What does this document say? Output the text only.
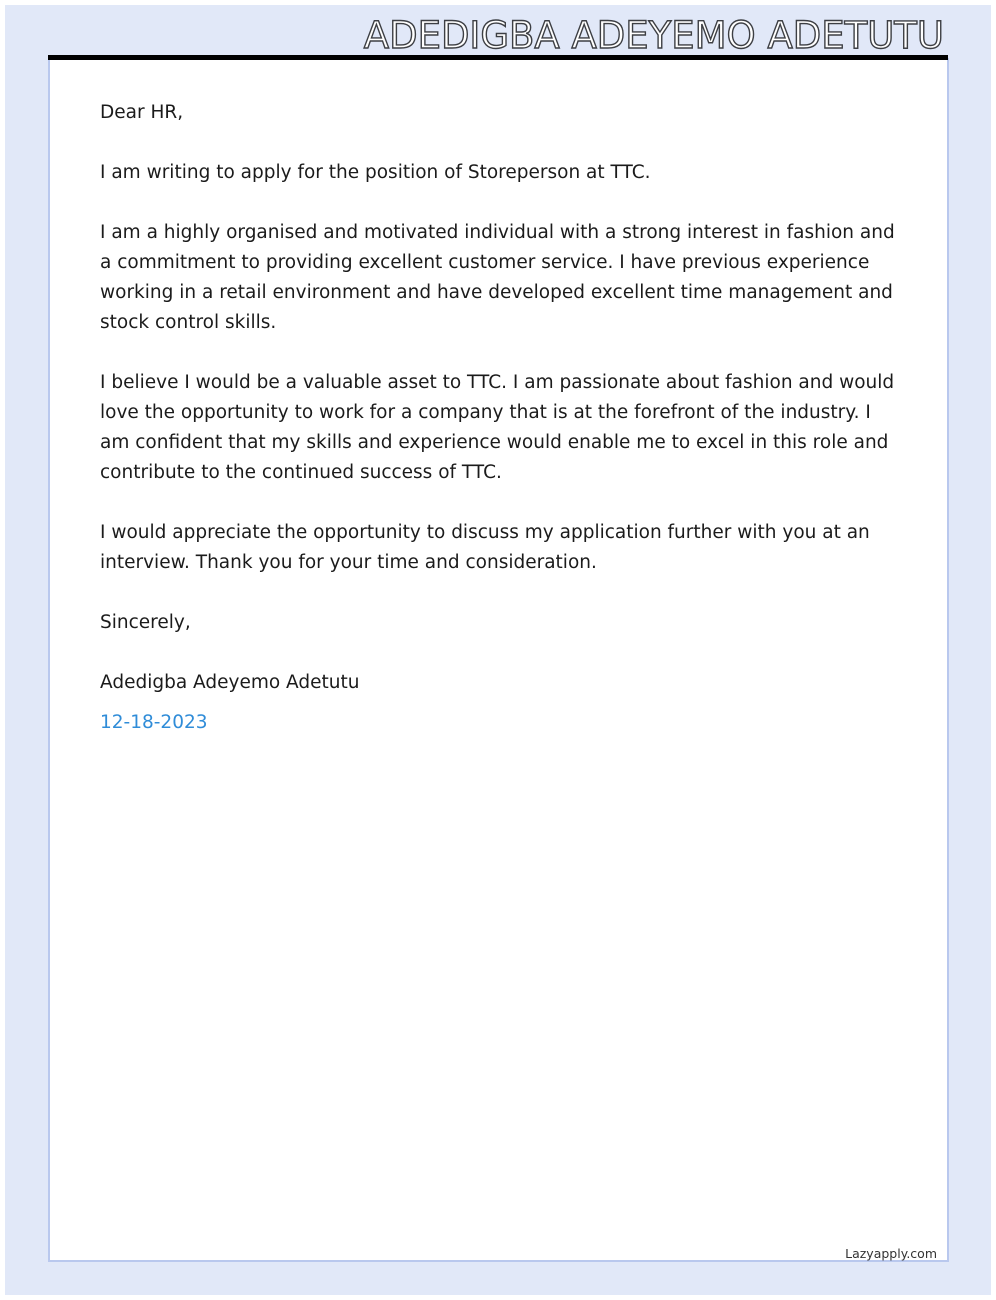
ADEDIGBA ADEYEMO ADETUTU

Dear HR,

I am writing to apply for the position of Storeperson at TTC.

I am a highly organised and motivated individual with a strong interest in fashion and a commitment to providing excellent customer service. I have previous experience working in a retail environment and have developed excellent time management and stock control skills.

I believe I would be a valuable asset to TTC. I am passionate about fashion and would love the opportunity to work for a company that is at the forefront of the industry. I am confident that my skills and experience would enable me to excel in this role and contribute to the continued success of TTC.

I would appreciate the opportunity to discuss my application further with you at an interview. Thank you for your time and consideration.

Sincerely,

Adedigba Adeyemo Adetutu

12-18-2023

Lazyapply.com
